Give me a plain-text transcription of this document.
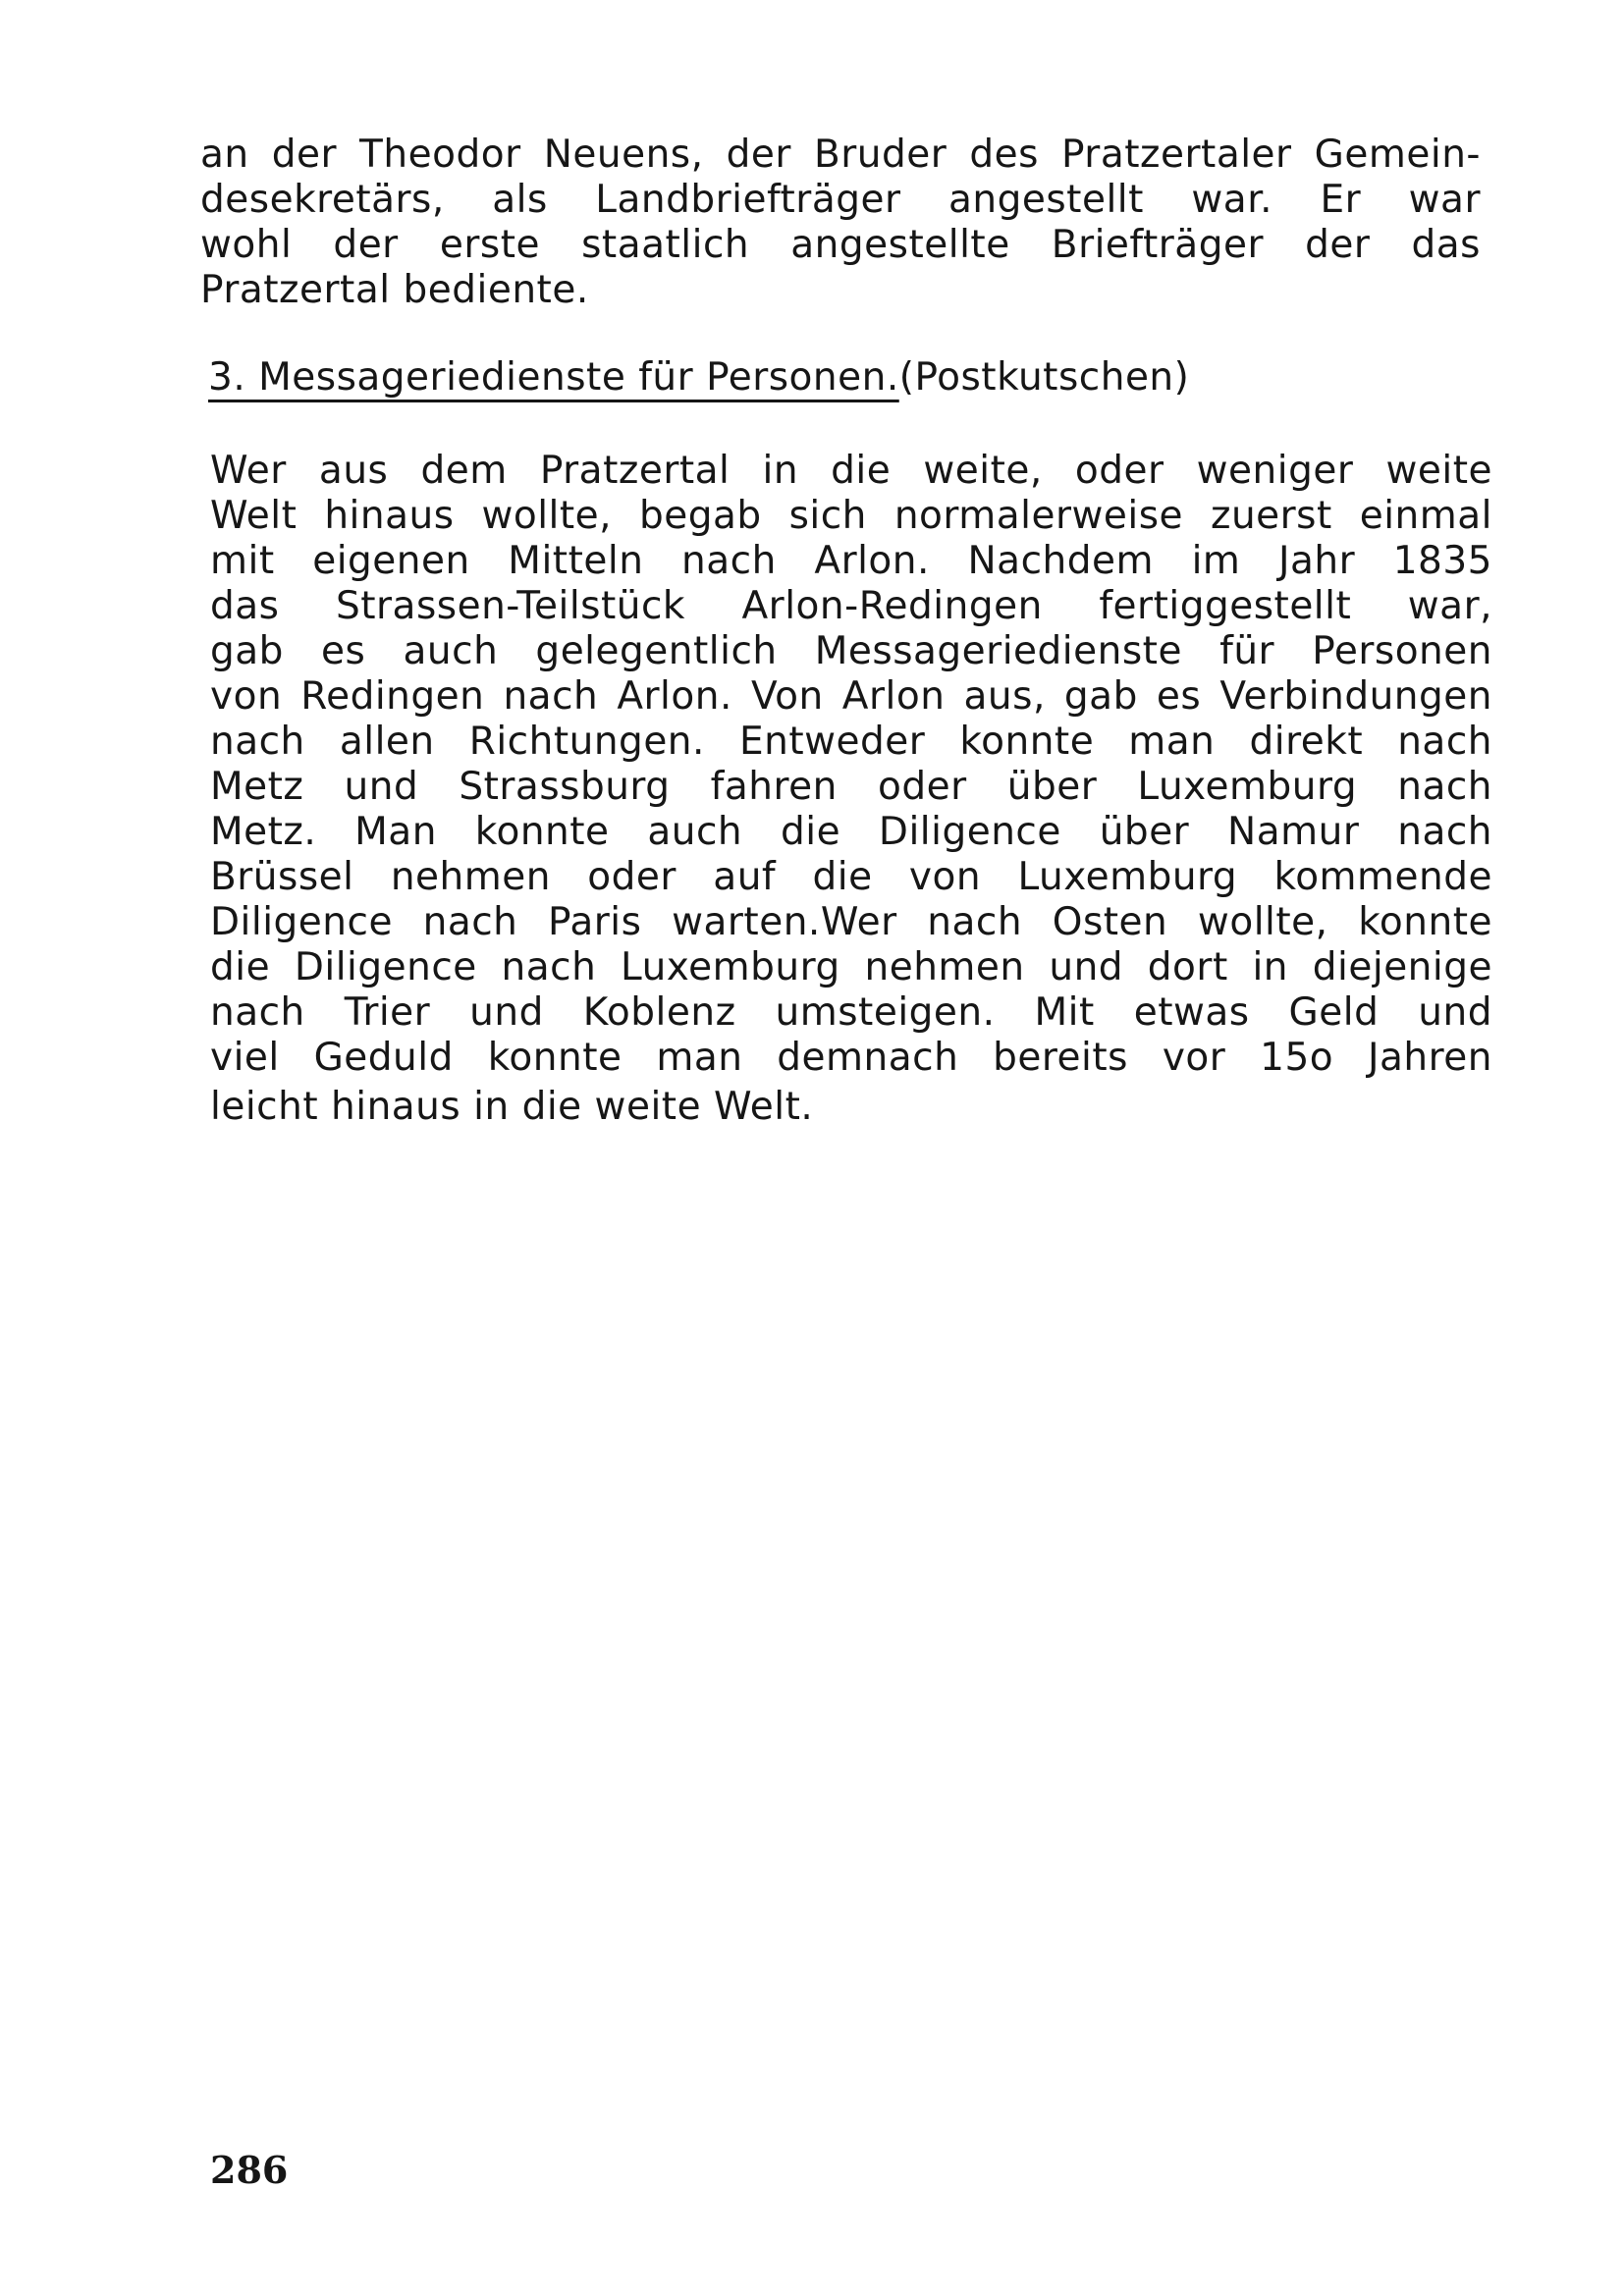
an der Theodor Neuens, der Bruder des Pratzertaler Gemein-
desekretärs, als Landbriefträger angestellt war. Er war
wohl der erste staatlich angestellte Briefträger der das
Pratzertal bediente.
3. Messageriedienste für Personen.(Postkutschen)
Wer aus dem Pratzertal in die weite, oder weniger weite
Welt hinaus wollte, begab sich normalerweise zuerst einmal
mit eigenen Mitteln nach Arlon. Nachdem im Jahr 1835
das Strassen-Teilstück Arlon-Redingen fertiggestellt war,
gab es auch gelegentlich Messageriedienste für Personen
von Redingen nach Arlon. Von Arlon aus, gab es Verbindungen
nach allen Richtungen. Entweder konnte man direkt nach
Metz und Strassburg fahren oder über Luxemburg nach
Metz. Man konnte auch die Diligence über Namur nach
Brüssel nehmen oder auf die von Luxemburg kommende
Diligence nach Paris warten.Wer nach Osten wollte, konnte
die Diligence nach Luxemburg nehmen und dort in diejenige
nach Trier und Koblenz umsteigen. Mit etwas Geld und
viel Geduld konnte man demnach bereits vor 15o Jahren
leicht hinaus in die weite Welt.
286
